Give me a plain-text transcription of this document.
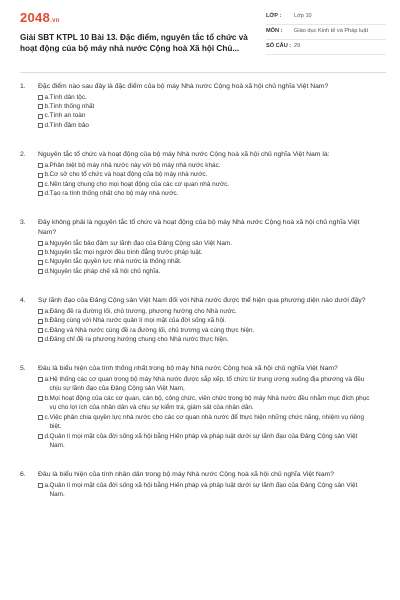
2048.vn
Giải SBT KTPL 10 Bài 13. Đặc điểm, nguyên tắc tổ chức và hoạt động của bộ máy nhà nước Cộng hoà Xã hội Chủ...
LỚP :	Lớp 10
MÔN :	Giáo dục Kinh tế và Pháp luật
SỐ CÂU : 29
1.	Đặc điểm nào sau đây là đặc điểm của bộ máy Nhà nước Cộng hoà xã hội chủ nghĩa Việt Nam?
a. Tính dân tộc.
b. Tính thống nhất
c. Tính an toàn
d. Tính đảm bảo
2.	Nguyên tắc tổ chức và hoạt động của bộ máy Nhà nước Cộng hoà xã hội chủ nghĩa Việt Nam là:
a. Phân biệt bộ máy nhà nước này với bộ máy nhà nước khác.
b. Cơ sở cho tổ chức và hoạt động của bộ máy nhà nước.
c. Nền tảng chung cho mọi hoạt động của các cơ quan nhà nước.
d. Tạo ra tính thống nhất cho bộ máy nhà nước.
3.	Đây không phải là nguyên tắc tổ chức và hoạt động của bộ máy Nhà nước Cộng hoà xã hội chủ nghĩa Việt Nam?
a. Nguyên tắc bảo đảm sự lãnh đạo của Đảng Cộng sản Việt Nam.
b. Nguyên tắc mọi người đều bình đẳng trước pháp luật.
c. Nguyên tắc quyền lực nhà nước là thống nhất.
d. Nguyên tắc pháp chế xã hội chủ nghĩa.
4.	Sự lãnh đạo của Đảng Cộng sản Việt Nam đối với Nhà nước được thể hiện qua phương diện nào dưới đây?
a. Đảng đề ra đường lối, chủ trương, phương hướng cho Nhà nước.
b. Đảng cùng với Nhà nước quản lí mọi mặt của đời sống xã hội.
c. Đảng và Nhà nước cùng đề ra đường lối, chủ trương và cùng thực hiện.
d. Đảng chỉ đề ra phương hướng chung cho Nhà nước thực hiện.
5.	Đâu là biểu hiện của tính thống nhất trong bộ máy Nhà nước Cộng hoà xã hội chủ nghĩa Việt Nam?
a. Hệ thống các cơ quan trong bộ máy Nhà nước được sắp xếp, tổ chức từ trung ương xuống địa phương và đều chịu sự lãnh đạo của Đảng Cộng sản Việt Nam,
b. Mọi hoạt động của các cơ quan, cán bộ, công chức, viên chức trong bộ máy Nhà nước đều nhằm mục đích phục vụ cho lợi ích của nhân dân và chịu sự kiểm tra, giám sát của nhân dân.
c. Việc phân chia quyền lực nhà nước cho các cơ quan nhà nước để thực hiện những chức năng, nhiệm vụ riêng biệt.
d. Quản lí mọi mặt của đời sống xã hội bằng Hiến pháp và pháp luật dưới sự lãnh đạo của Đảng Cộng sản Việt Nam.
6.	Đâu là biểu hiện của tính nhân dân trong bộ máy Nhà nước Cộng hoà xã hội chủ nghĩa Việt Nam?
a. Quản lí mọi mặt của đời sống xã hội bằng Hiến pháp và pháp luật dưới sự lãnh đạo của Đảng Cộng sản Việt Nam.
